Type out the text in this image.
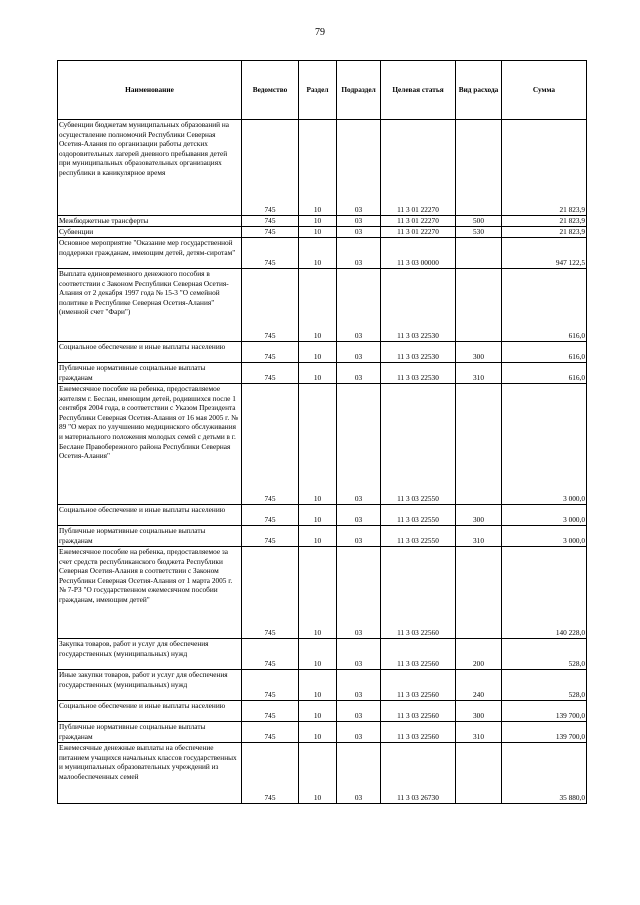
79
Наименование	Ведомство	Раздел	Подраздел	Целевая статья	Вид расхода	Сумма
Субвенции бюджетам муниципальных образований на осуществление полномочий Республики Северная Осетия-Алания по организации работы детских оздоровительных лагерей дневного пребывания детей при муниципальных образовательных организациях республики в каникулярное время	745	10	03	11 3 01 22270		21 823,9
Межбюджетные трансферты	745	10	03	11 3 01 22270	500	21 823,9
Субвенции	745	10	03	11 3 01 22270	530	21 823,9
Основное мероприятие "Оказание мер государственной поддержки гражданам, имеющим детей, детям-сиротам"	745	10	03	11 3 03 00000		947 122,5
Выплата единовременного денежного пособия в соответствии с Законом Республики Северная Осетия-Алания от 2 декабря 1997 года № 15-3 "О семейной политике в Республике Северная Осетия-Алания" (именной счет "Фари")	745	10	03	11 3 03 22530		616,0
Социальное обеспечение и иные выплаты населению	745	10	03	11 3 03 22530	300	616,0
Публичные нормативные социальные выплаты гражданам	745	10	03	11 3 03 22530	310	616,0
Ежемесячное пособие на ребенка, предоставляемое жителям г. Беслан, имеющим детей, родившихся после 1 сентября 2004 года, в соответствии с Указом Президента Республики Северная Осетия-Алания от 16 мая 2005 г. № 89 "О мерах по улучшению медицинского обслуживания и материального положения молодых семей с детьми в г. Беслане Правобережного района Республики Северная Осетия-Алания"	745	10	03	11 3 03 22550		3 000,0
Социальное обеспечение и иные выплаты населению	745	10	03	11 3 03 22550	300	3 000,0
Публичные нормативные социальные выплаты гражданам	745	10	03	11 3 03 22550	310	3 000,0
Ежемесячное пособие на ребенка, предоставляемое за счет средств республиканского бюджета Республики Северная Осетия-Алания в соответствии с Законом Республики Северная Осетия-Алания от 1 марта 2005 г. № 7-РЗ "О государственном ежемесячном пособии гражданам, имеющим детей"	745	10	03	11 3 03 22560		140 228,0
Закупка товаров, работ и услуг для обеспечения государственных (муниципальных) нужд	745	10	03	11 3 03 22560	200	528,0
Иные закупки товаров, работ и услуг для обеспечения государственных (муниципальных) нужд	745	10	03	11 3 03 22560	240	528,0
Социальное обеспечение и иные выплаты населению	745	10	03	11 3 03 22560	300	139 700,0
Публичные нормативные социальные выплаты гражданам	745	10	03	11 3 03 22560	310	139 700,0
Ежемесячные денежные выплаты на обеспечение питанием учащихся начальных классов государственных и муниципальных образовательных учреждений из малообеспеченных семей	745	10	03	11 3 03 26730		35 880,0
